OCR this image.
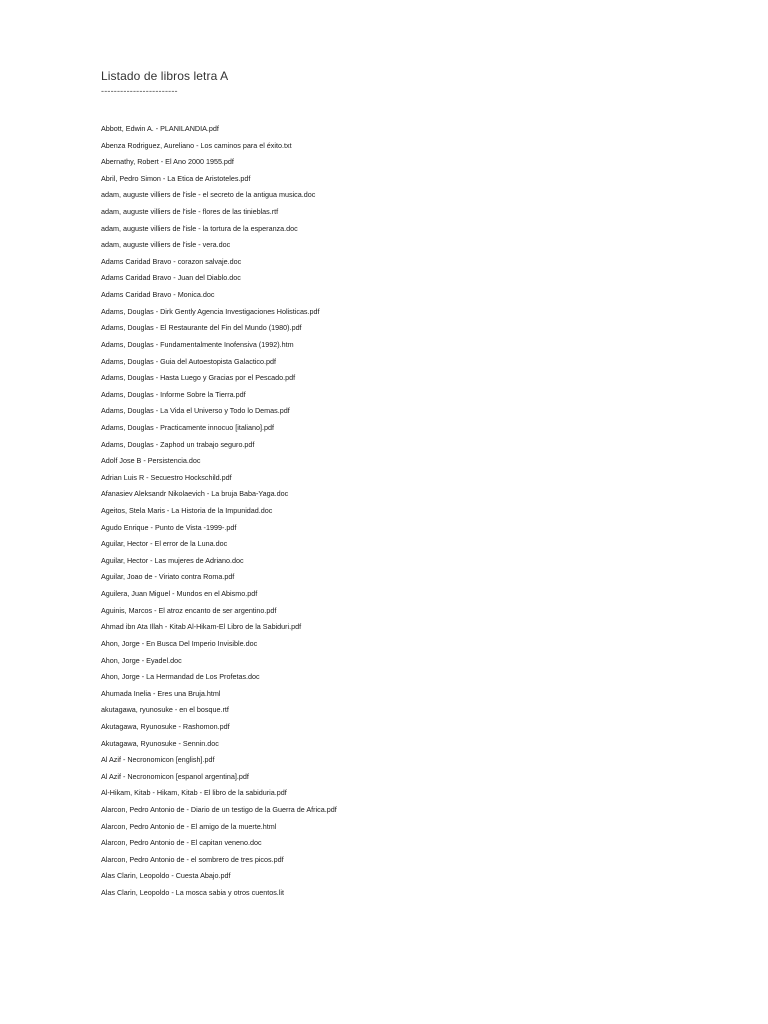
Listado de libros letra A
------------------------
Abbott, Edwin A. - PLANILANDIA.pdf
Abenza Rodriguez, Aureliano - Los caminos para el éxito.txt
Abernathy, Robert - El Ano 2000 1955.pdf
Abril, Pedro Simon - La Etica de Aristoteles.pdf
adam, auguste villiers de l'isle - el secreto de la antigua musica.doc
adam, auguste villiers de l'isle - flores de las tinieblas.rtf
adam, auguste villiers de l'isle - la tortura de la esperanza.doc
adam, auguste villiers de l'isle - vera.doc
Adams Caridad Bravo - corazon salvaje.doc
Adams Caridad Bravo - Juan del Diablo.doc
Adams Caridad Bravo - Monica.doc
Adams, Douglas - Dirk Gently Agencia Investigaciones Holisticas.pdf
Adams, Douglas - El Restaurante del Fin del Mundo (1980).pdf
Adams, Douglas - Fundamentalmente Inofensiva (1992).htm
Adams, Douglas - Guia del Autoestopista Galactico.pdf
Adams, Douglas - Hasta Luego y Gracias por el Pescado.pdf
Adams, Douglas - Informe Sobre la Tierra.pdf
Adams, Douglas - La Vida el Universo y Todo lo Demas.pdf
Adams, Douglas - Practicamente innocuo [italiano].pdf
Adams, Douglas - Zaphod un trabajo seguro.pdf
Adolf Jose B - Persistencia.doc
Adrian Luis R - Secuestro Hockschild.pdf
Afanasiev Aleksandr Nikolaevich - La bruja Baba-Yaga.doc
Ageitos, Stela Maris - La Historia de la Impunidad.doc
Agudo Enrique - Punto de Vista -1999-.pdf
Aguilar, Hector - El error de la Luna.doc
Aguilar, Hector - Las mujeres de Adriano.doc
Aguilar, Joao de - Viriato contra Roma.pdf
Aguilera, Juan Miguel - Mundos en el Abismo.pdf
Aguinis, Marcos - El atroz encanto de ser argentino.pdf
Ahmad ibn Ata Illah - Kitab Al-Hikam-El Libro de la Sabiduri.pdf
Ahon, Jorge - En Busca Del Imperio Invisible.doc
Ahon, Jorge - Eyadel.doc
Ahon, Jorge - La Hermandad de Los Profetas.doc
Ahumada Inelia - Eres una Bruja.html
akutagawa, ryunosuke - en el bosque.rtf
Akutagawa, Ryunosuke - Rashomon.pdf
Akutagawa, Ryunosuke - Sennin.doc
Al Azif - Necronomicon [english].pdf
Al Azif - Necronomicon [espanol argentina].pdf
Al-Hikam, Kitab - Hikam, Kitab - El libro de la sabiduria.pdf
Alarcon, Pedro Antonio de - Diario de un testigo de la Guerra de Africa.pdf
Alarcon, Pedro Antonio de - El amigo de la muerte.html
Alarcon, Pedro Antonio de - El capitan veneno.doc
Alarcon, Pedro Antonio de - el sombrero de tres picos.pdf
Alas Clarin, Leopoldo - Cuesta Abajo.pdf
Alas Clarin, Leopoldo - La mosca sabia y otros cuentos.lit
